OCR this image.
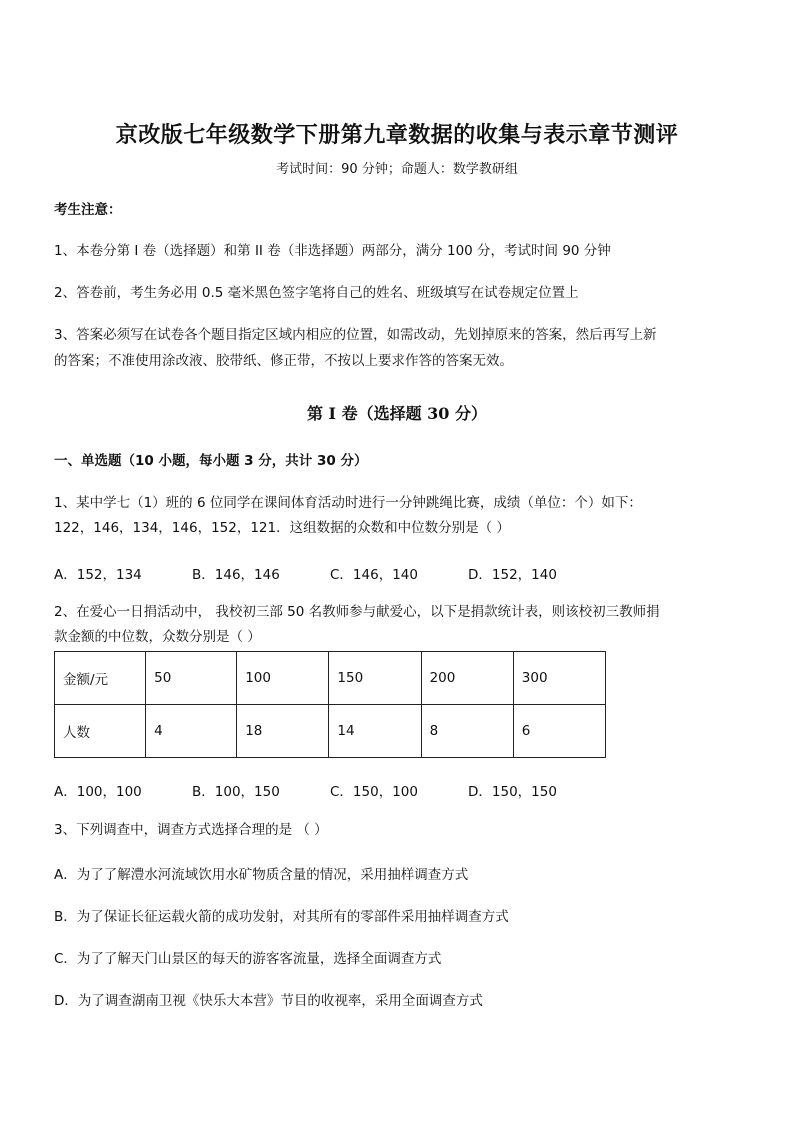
京改版七年级数学下册第九章数据的收集与表示章节测评
考试时间：90 分钟；命题人：数学教研组
考生注意：
1、本卷分第 I 卷（选择题）和第 II 卷（非选择题）两部分，满分 100 分，考试时间 90 分钟
2、答卷前，考生务必用 0.5 毫米黑色签字笔将自己的姓名、班级填写在试卷规定位置上
3、答案必须写在试卷各个题目指定区域内相应的位置，如需改动，先划掉原来的答案，然后再写上新
的答案；不准使用涂改液、胶带纸、修正带，不按以上要求作答的答案无效。
第 I 卷（选择题 30 分）
一、单选题（10 小题，每小题 3 分，共计 30 分）
1、某中学七（1）班的 6 位同学在课间体育活动时进行一分钟跳绳比赛，成绩（单位：个）如下：
122，146，134，146，152，121．这组数据的众数和中位数分别是（ ）
A．152，134	B．146，146	C．146，140	D．152，140
2、在爱心一日捐活动中， 我校初三部 50 名教师参与献爱心，以下是捐款统计表，则该校初三教师捐
款金额的中位数，众数分别是（ ）
金额/元	50	100	150	200	300
人数	4	18	14	8	6
A．100，100	B．100，150	C．150，100	D．150，150
3、下列调查中，调查方式选择合理的是 （ ）
A．为了了解澧水河流域饮用水矿物质含量的情况，采用抽样调查方式
B．为了保证长征运载火箭的成功发射，对其所有的零部件采用抽样调查方式
C．为了了解天门山景区的每天的游客客流量，选择全面调查方式
D．为了调查湖南卫视《快乐大本营》节目的收视率，采用全面调查方式
